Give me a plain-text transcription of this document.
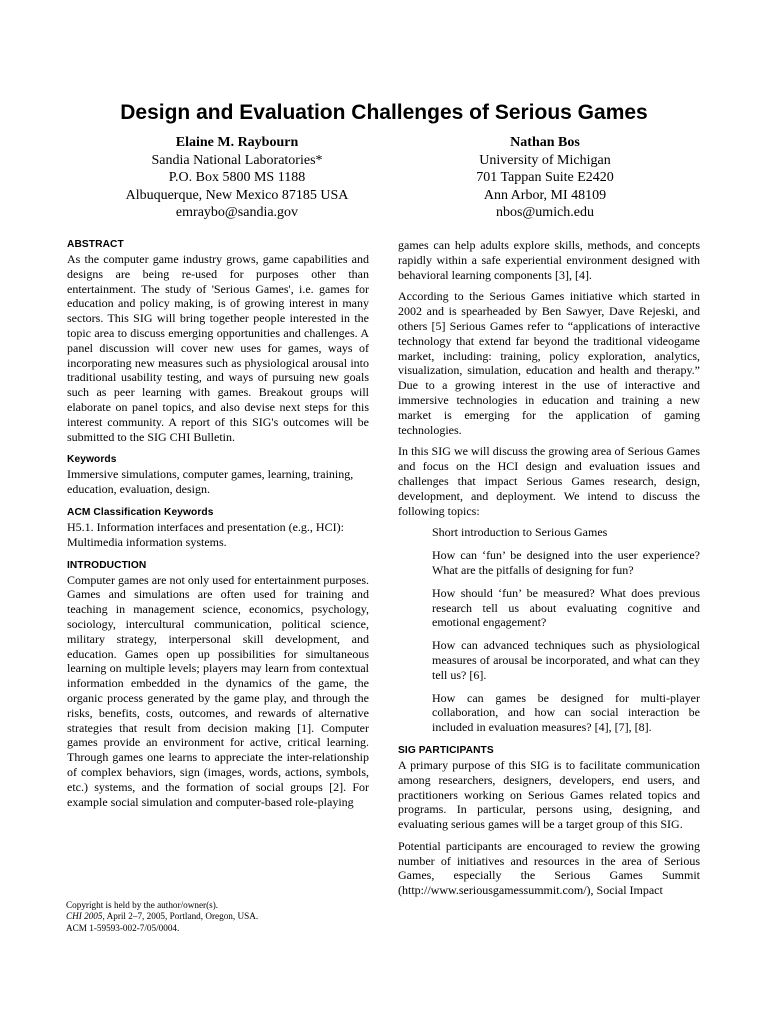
Design and Evaluation Challenges of Serious Games
Elaine M. Raybourn
Sandia National Laboratories*
P.O. Box 5800 MS 1188
Albuquerque, New Mexico 87185 USA
emraybo@sandia.gov
Nathan Bos
University of Michigan
701 Tappan Suite E2420
Ann Arbor, MI 48109
nbos@umich.edu
ABSTRACT

As the computer game industry grows, game capabilities and designs are being re-used for purposes other than entertainment. The study of 'Serious Games', i.e. games for education and policy making, is of growing interest in many sectors. This SIG will bring together people interested in the topic area to discuss emerging opportunities and challenges. A panel discussion will cover new uses for games, ways of incorporating new measures such as physiological arousal into traditional usability testing, and ways of pursuing new goals such as peer learning with games. Breakout groups will elaborate on panel topics, and also devise next steps for this interest community. A report of this SIG's outcomes will be submitted to the SIG CHI Bulletin.

Keywords

Immersive simulations, computer games, learning, training, education, evaluation, design.

ACM Classification Keywords

H5.1. Information interfaces and presentation (e.g., HCI): Multimedia information systems.

INTRODUCTION

Computer games are not only used for entertainment purposes. Games and simulations are often used for training and teaching in management science, economics, psychology, sociology, intercultural communication, political science, military strategy, interpersonal skill development, and education. Games open up possibilities for simultaneous learning on multiple levels; players may learn from contextual information embedded in the dynamics of the game, the organic process generated by the game play, and through the risks, benefits, costs, outcomes, and rewards of alternative strategies that result from decision making [1]. Computer games provide an environment for active, critical learning. Through games one learns to appreciate the inter-relationship of complex behaviors, sign (images, words, actions, symbols, etc.) systems, and the formation of social groups [2]. For example social simulation and computer-based role-playing

Copyright is held by the author/owner(s).
CHI 2005, April 2–7, 2005, Portland, Oregon, USA.
ACM 1-59593-002-7/05/0004.

games can help adults explore skills, methods, and concepts rapidly within a safe experiential environment designed with behavioral learning components [3], [4].

According to the Serious Games initiative which started in 2002 and is spearheaded by Ben Sawyer, Dave Rejeski, and others [5] Serious Games refer to “applications of interactive technology that extend far beyond the traditional videogame market, including: training, policy exploration, analytics, visualization, simulation, education and health and therapy.” Due to a growing interest in the use of interactive and immersive technologies in education and training a new market is emerging for the application of gaming technologies.

In this SIG we will discuss the growing area of Serious Games and focus on the HCI design and evaluation issues and challenges that impact Serious Games research, design, development, and deployment. We intend to discuss the following topics:

Short introduction to Serious Games
How can ‘fun’ be designed into the user experience? What are the pitfalls of designing for fun?
How should ‘fun’ be measured? What does previous research tell us about evaluating cognitive and emotional engagement?
How can advanced techniques such as physiological measures of arousal be incorporated, and what can they tell us? [6].
How can games be designed for multi-player collaboration, and how can social interaction be included in evaluation measures? [4], [7], [8].
SIG PARTICIPANTS

A primary purpose of this SIG is to facilitate communication among researchers, designers, developers, end users, and practitioners working on Serious Games related topics and programs. In particular, persons using, designing, and evaluating serious games will be a target group of this SIG.

Potential participants are encouraged to review the growing number of initiatives and resources in the area of Serious Games, especially the Serious Games Summit (http://www.seriousgamessummit.com/), Social Impact
